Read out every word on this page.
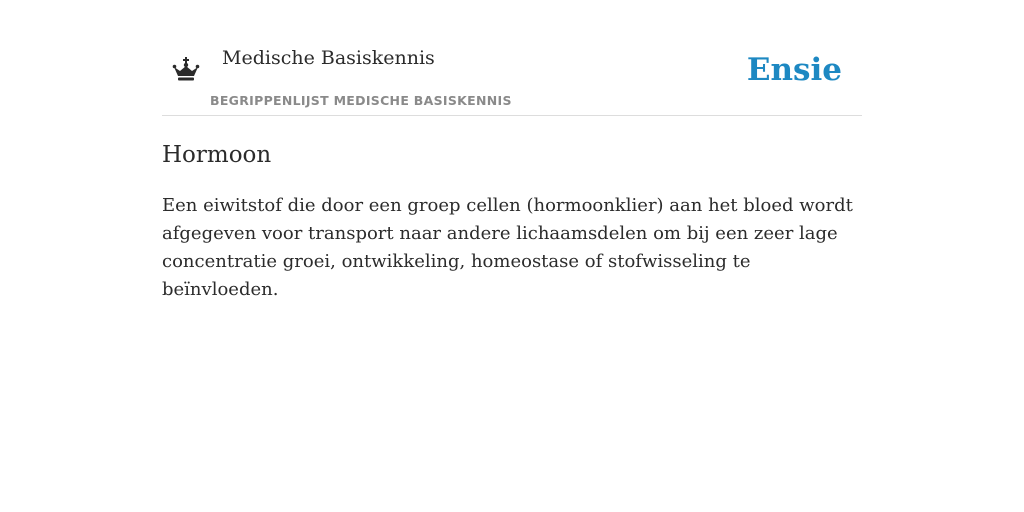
Medische Basiskennis
BEGRIPPENLIJST MEDISCHE BASISKENNIS
Ensie
Hormoon

Een eiwitstof die door een groep cellen (hormoonklier) aan het bloed wordt afgegeven voor transport naar andere lichaamsdelen om bij een zeer lage concentratie groei, ontwikkeling, homeostase of stofwisseling te beïnvloeden.
